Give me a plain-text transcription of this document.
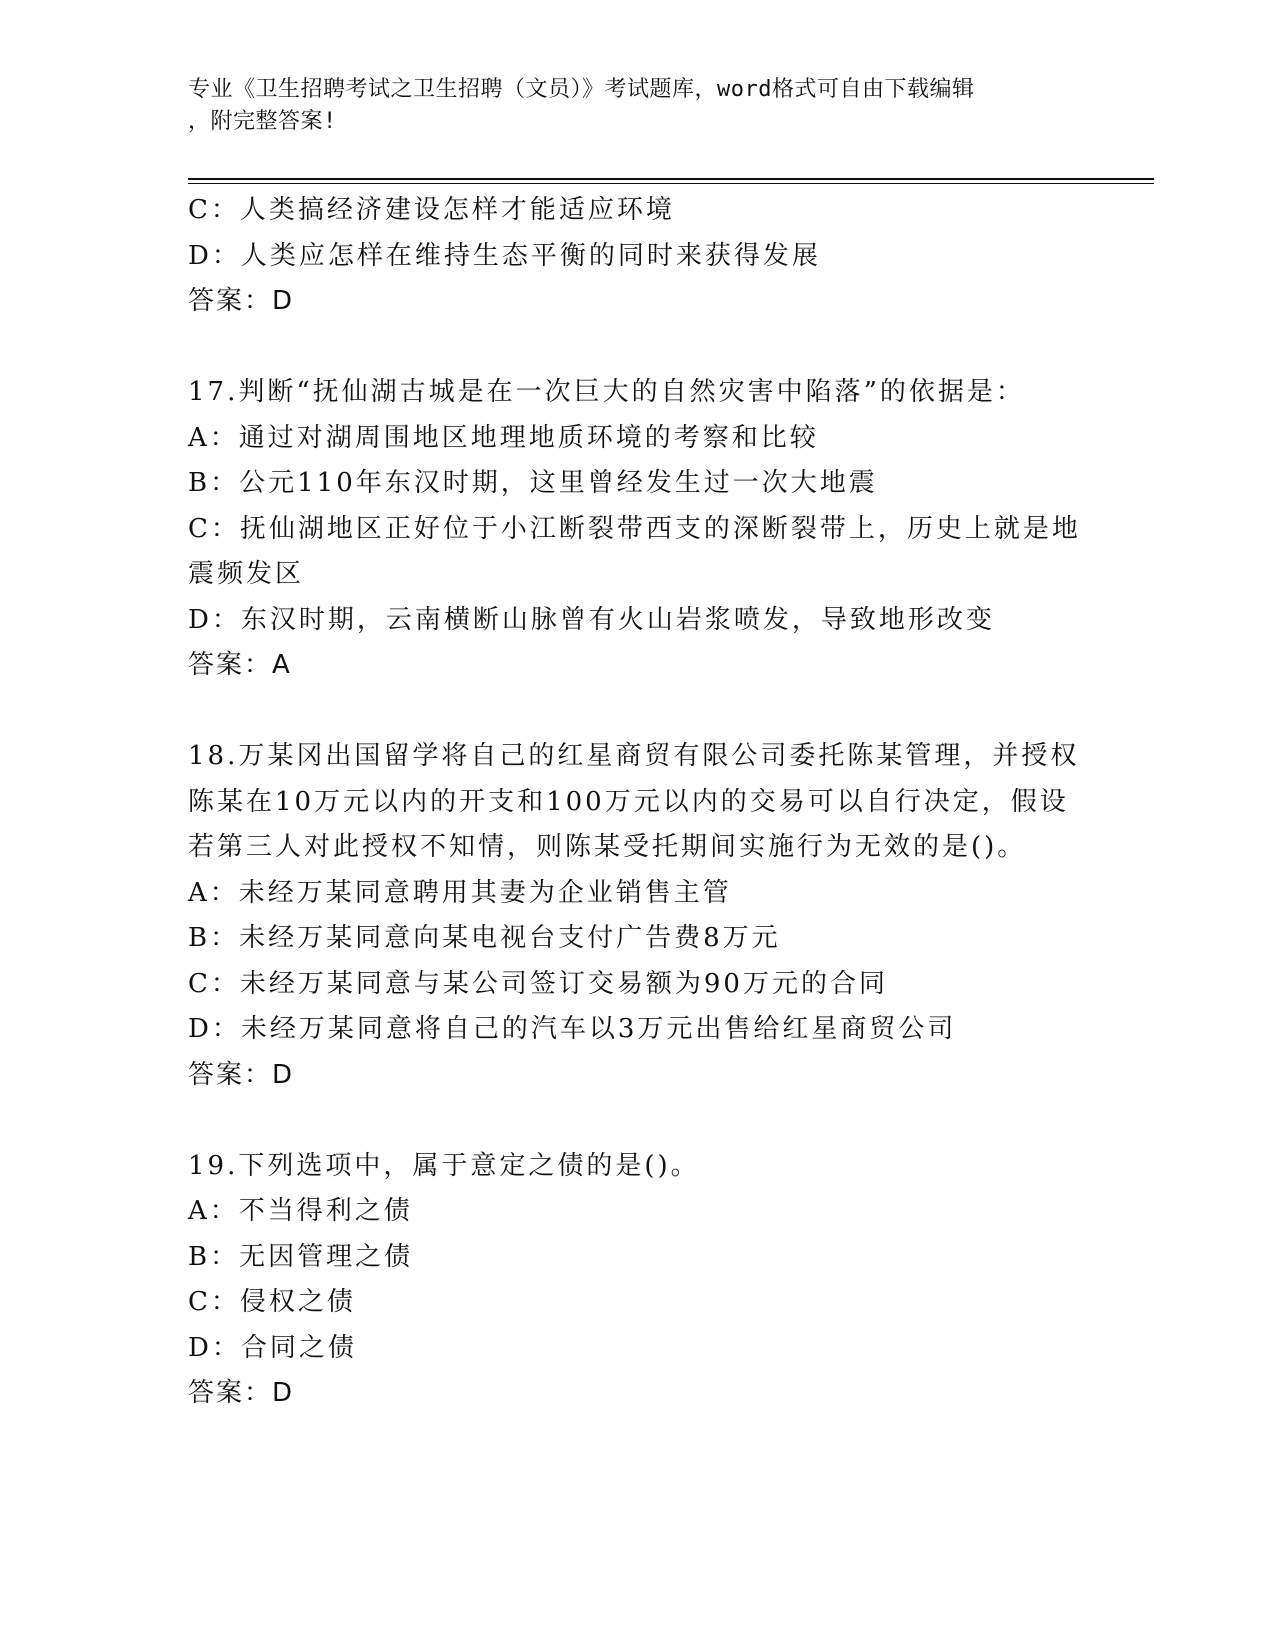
专业《卫生招聘考试之卫生招聘（文员）》考试题库，word格式可自由下载编辑
，附完整答案!
C：人类搞经济建设怎样才能适应环境
D：人类应怎样在维持生态平衡的同时来获得发展
答案：D
17.判断“抚仙湖古城是在一次巨大的自然灾害中陷落”的依据是：
A：通过对湖周围地区地理地质环境的考察和比较
B：公元110年东汉时期，这里曾经发生过一次大地震
C：抚仙湖地区正好位于小江断裂带西支的深断裂带上，历史上就是地
震频发区
D：东汉时期，云南横断山脉曾有火山岩浆喷发，导致地形改变
答案：A
18.万某冈出国留学将自己的红星商贸有限公司委托陈某管理，并授权
陈某在10万元以内的开支和100万元以内的交易可以自行决定，假设
若第三人对此授权不知情，则陈某受托期间实施行为无效的是()。
A：未经万某同意聘用其妻为企业销售主管
B：未经万某同意向某电视台支付广告费8万元
C：未经万某同意与某公司签订交易额为90万元的合同
D：未经万某同意将自己的汽车以3万元出售给红星商贸公司
答案：D
19.下列选项中，属于意定之债的是()。
A：不当得利之债
B：无因管理之债
C：侵权之债
D：合同之债
答案：D
